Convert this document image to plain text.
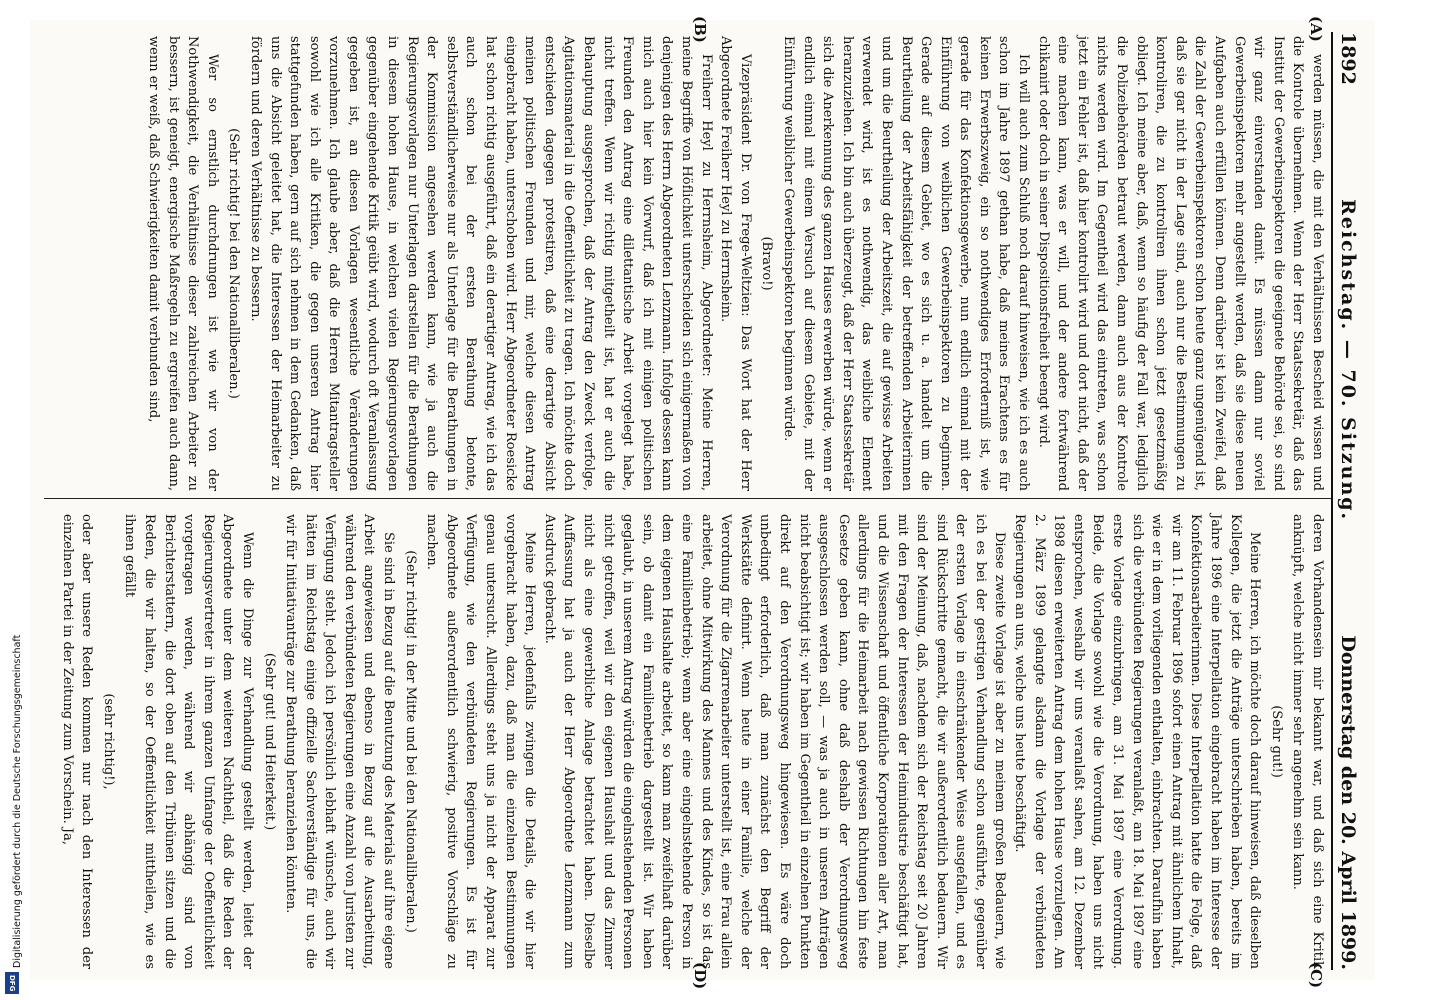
1892
Reichstag. — 70. Sitzung.
Donnerstag den 20. April 1899.
(A)
(B)
(C)
(D)

werden müssen, die mit den Verhältnissen Bescheid wissen und die Kontrole übernehmen. Wenn der Herr Staatssekretär, daß das Institut der Gewerbeinspektoren die geeignete Behörde sei, so sind wir ganz einverstanden damit. Es müssen dann nur soviel Gewerbeinspektoren mehr angestellt werden, daß sie diese neuen Aufgaben auch erfüllen können. Denn darüber ist kein Zweifel, daß die Zahl der Gewerbeinspektoren schon heute ganz ungenügend ist, daß sie gar nicht in der Lage sind, auch nur die Bestimmungen zu kontroliren, die zu kontroliren ihnen schon jetzt gesetzmäßig obliegt. Ich meine aber, daß, wenn so häufig der Fall war, lediglich die Polizeibehörden betraut werden, dann auch aus der Kontrole nichts werden wird. Im Gegentheil wird das eintreten, was schon jetzt ein Fehler ist, daß hier kontrolirt wird und dort nicht, daß der eine machen kann, was er will, und der andere fortwährend chikanirt oder doch in seiner Dispositionsfreiheit beengt wird.

Ich will auch zum Schluß noch darauf hinweisen, wie ich es auch schon im Jahre 1897 gethan habe, daß meines Erachtens es für keinen Erwerbszweig, ein so nothwendiges Erforderniß ist, wie gerade für das Konfektionsgewerbe, nun endlich einmal mit der Einführung von weiblichen Gewerbeinspektoren zu beginnen. Gerade auf diesem Gebiet, wo es sich u. a. handelt um die Beurtheilung der Arbeitsfähigkeit der betreffenden Arbeiterinnen und um die Beurtheilung der Arbeitszeit, die auf gewisse Arbeiten verwendet wird, ist es nothwendig, das weibliche Element heranzuziehen. Ich bin auch überzeugt, daß der Herr Staatssekretär sich die Anerkennung des ganzen Hauses erwerben würde, wenn er endlich einmal mit einem Versuch auf diesem Gebiete, mit der Einführung weiblicher Gewerbeinspektoren beginnen würde.

(Bravo!)

Vizepräsident Dr. von Frege-Weltzien: Das Wort hat der Herr Abgeordnete Freiherr Heyl zu Herrnsheim.

Freiherr Heyl zu Herrnsheim, Abgeordneter: Meine Herren, meine Begriffe von Höflichkeit unterscheiden sich einigermaßen von denjenigen des Herrn Abgeordneten Lenzmann. Infolge dessen kann mich auch hier kein Vorwurf, daß ich mit einigen politischen Freunden den Antrag eine dilettantische Arbeit vorgelegt habe, nicht treffen. Wenn wir richtig mitgetheilt ist, hat er auch die Behauptung ausgesprochen, daß der Antrag den Zweck verfolge, Agitationsmaterial in die Oeffentlichkeit zu tragen. Ich möchte doch entschieden dagegen protestiren, daß eine derartige Absicht meinen politischen Freunden und mir, welche diesen Antrag eingebracht haben, unterschoben wird. Herr Abgeordneter Roesicke hat schon richtig ausgeführt, daß ein derartiger Antrag, wie ich das auch schon bei der ersten Berathung betonte, selbstverständlicherweise nur als Unterlage für die Berathungen in der Kommission angesehen werden kann, wie ja auch die Regierungsvorlagen nur Unterlagen darstellen für die Berathungen in diesem hohen Hause, in welchen vielen Regierungsvorlagen gegenüber eingehende Kritik geübt wird, wodurch oft Veranlassung gegeben ist, an diesen Vorlagen wesentliche Veränderungen vorzunehmen. Ich glaube aber, daß die Herren Mitantragsteller sowohl wie ich alle Kritiken, die gegen unseren Antrag hier stattgefunden haben, gern auf sich nehmen in dem Gedanken, daß uns die Absicht geleitet hat, die Interessen der Heimarbeiter zu fördern und deren Verhältnisse zu bessern.

(Sehr richtig! bei den Nationalliberalen.)

Wer so ernstlich durchdrungen ist wie wir von der Nothwendigkeit, die Verhältnisse dieser zahlreichen Arbeiter zu bessern, ist geneigt, energische Maßregeln zu ergreifen auch dann, wenn er weiß, daß Schwierigkeiten damit verbunden sind,

deren Vorhandensein mir bekannt war, und daß sich eine Kritik anknüpft, welche nicht immer sehr angenehm sein kann.

(Sehr gut!)

Meine Herren, ich möchte doch darauf hinweisen, daß dieselben Kollegen, die jetzt die Anträge unterschrieben haben, bereits im Jahre 1896 eine Interpellation eingebracht haben im Interesse der Konfektionsarbeiterinnen. Diese Interpellation hatte die Folge, daß wir am 11. Februar 1896 sofort einen Antrag mit ähnlichem Inhalt, wie er in dem vorliegenden enthalten, einbrachten. Daraufhin haben sich die verbündeten Regierungen veranlaßt, am 18. Mai 1897 eine erste Vorlage einzubringen, am 31. Mai 1897 eine Verordnung. Beide, die Vorlage sowohl wie die Verordnung, haben uns nicht entsprochen, weshalb wir uns veranlaßt sahen, am 12. Dezember 1898 diesen erweiterten Antrag dem hohen Hause vorzulegen. Am 2. März 1899 gelangte alsdann die Vorlage der verbündeten Regierungen an uns, welche uns heute beschäftigt.

Diese zweite Vorlage ist aber zu meinem großen Bedauern, wie ich es bei der gestrigen Verhandlung schon ausführte, gegenüber der ersten Vorlage in einschränkender Weise ausgefallen, und es sind Rückschritte gemacht, die wir außerordentlich bedauern. Wir sind der Meinung, daß, nachdem sich der Reichstag seit 20 Jahren mit den Fragen der Interessen der Heimindustrie beschäftigt hat, und die Wissenschaft und öffentliche Korporationen aller Art, man allerdings für die Heimarbeit nach gewissen Richtungen hin feste Gesetze geben kann, ohne daß deshalb der Verordnungsweg ausgeschlossen werden soll, — was ja auch in unseren Anträgen nicht beabsichtigt ist; wir haben im Gegentheil in einzelnen Punkten direkt auf den Verordnungsweg hingewiesen. Es wäre doch unbedingt erforderlich, daß man zunächst den Begriff der Werkstätte definirt. Wenn heute in einer Familie, welche der Verordnung für die Zigarrenarbeiter unterstellt ist, eine Frau allein arbeitet, ohne Mitwirkung des Mannes und des Kindes, so ist das eine Familienbetrieb; wenn aber eine eingelnstehende Person in dem eigenen Haushalte arbeitet, so kann man zweifelhaft darüber sein, ob damit ein Familienbetrieb dargestellt ist. Wir haben geglaubt, in unserem Antrag würden die eingelnstehenden Personen nicht getroffen, weil wir den eigenen Haushalt und das Zimmer nicht als eine gewerbliche Anlage betrachtet haben. Dieselbe Auffassung hat ja auch der Herr Abgeordnete Lenzmann zum Ausdruck gebracht.

Meine Herren, jedenfalls zwingen die Details, die wir hier vorgebracht haben, dazu, daß man die einzelnen Bestimmungen genau untersucht. Allerdings steht uns ja nicht der Apparat zur Verfügung, wie den verbündeten Regierungen. Es ist für Abgeordnete außerordentlich schwierig, positive Vorschläge zu machen.

(Sehr richtig! in der Mitte und bei den Nationalliberalen.)

Sie sind in Bezug auf die Benutzung des Materials auf ihre eigene Arbeit angewiesen und ebenso in Bezug auf die Ausarbeitung, während den verbündeten Regierungen eine Anzahl von Juristen zur Verfügung steht. Jedoch ich persönlich lebhaft wünsche, auch wir hätten im Reichstag einige offizielle Sachverständige für uns, die wir für Initiativanträge zur Berathung heranziehen könnten.

(Sehr gut! und Heiterkeit.)

Wenn die Dinge zur Verhandlung gestellt werden, leitet der Abgeordnete unter dem weiteren Nachtheil, daß die Reden der Regierungsvertreter in ihrem ganzen Umfange der Oeffentlichkeit vorgetragen werden, während wir abhängig sind von Berichterstattern, die dort oben auf den Tribünen sitzen und die Reden, die wir halten, so der Oeffentlichkeit mittheilen, wie es ihnen gefällt

(sehr richtig!),

oder aber unsere Reden kommen nur nach den Interessen der einzelnen Partei in der Zeitung zum Vorschein. Ja,

Digitalisierung gefördert durch die Deutsche Forschungsgemeinschaft
DFG
